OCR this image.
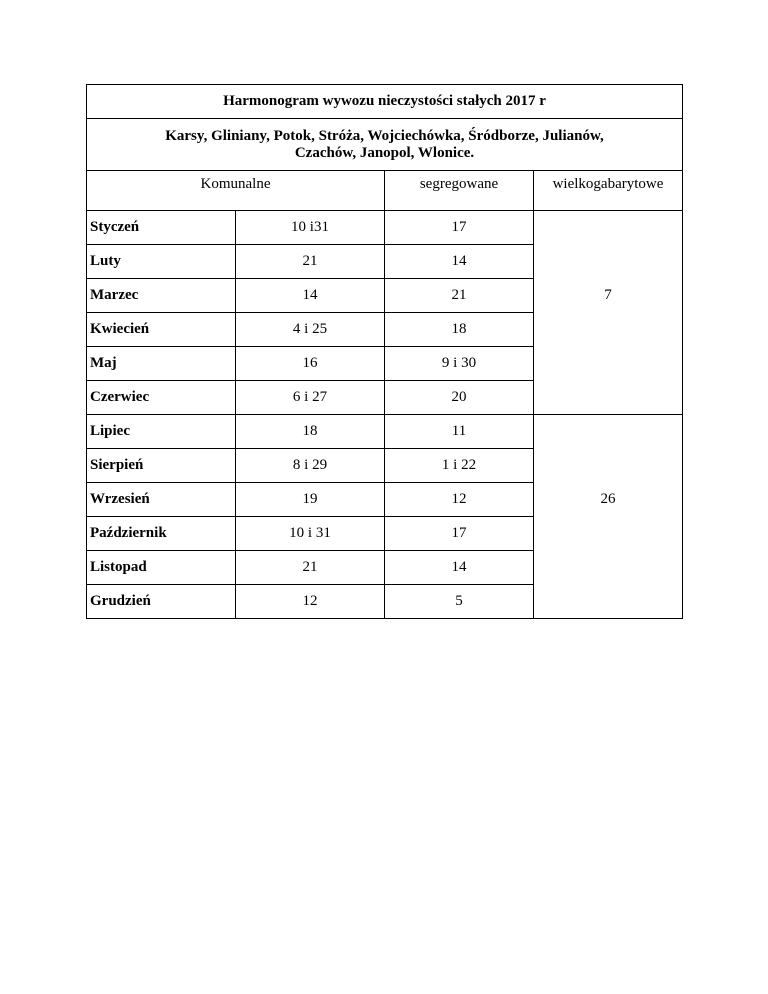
Harmonogram wywozu nieczystości stałych 2017 r			

Karsy, Gliniany, Potok, Stróża, Wojciechówka, Śródborze, Julianów,
Czachów, Janopol, Wlonice.			

Komunalne		segregowane	wielkogabarytowe
Styczeń	10 i31	17	
Luty	21	14	
Marzec	14	21	7
Kwiecień	4 i 25	18	
Maj	16	9 i 30	
Czerwiec	6 i 27	20	
Lipiec	18	11	
Sierpień	8 i 29	1 i 22	
Wrzesień	19	12	26
Październik	10 i 31	17	
Listopad	21	14	
Grudzień	12	5	
